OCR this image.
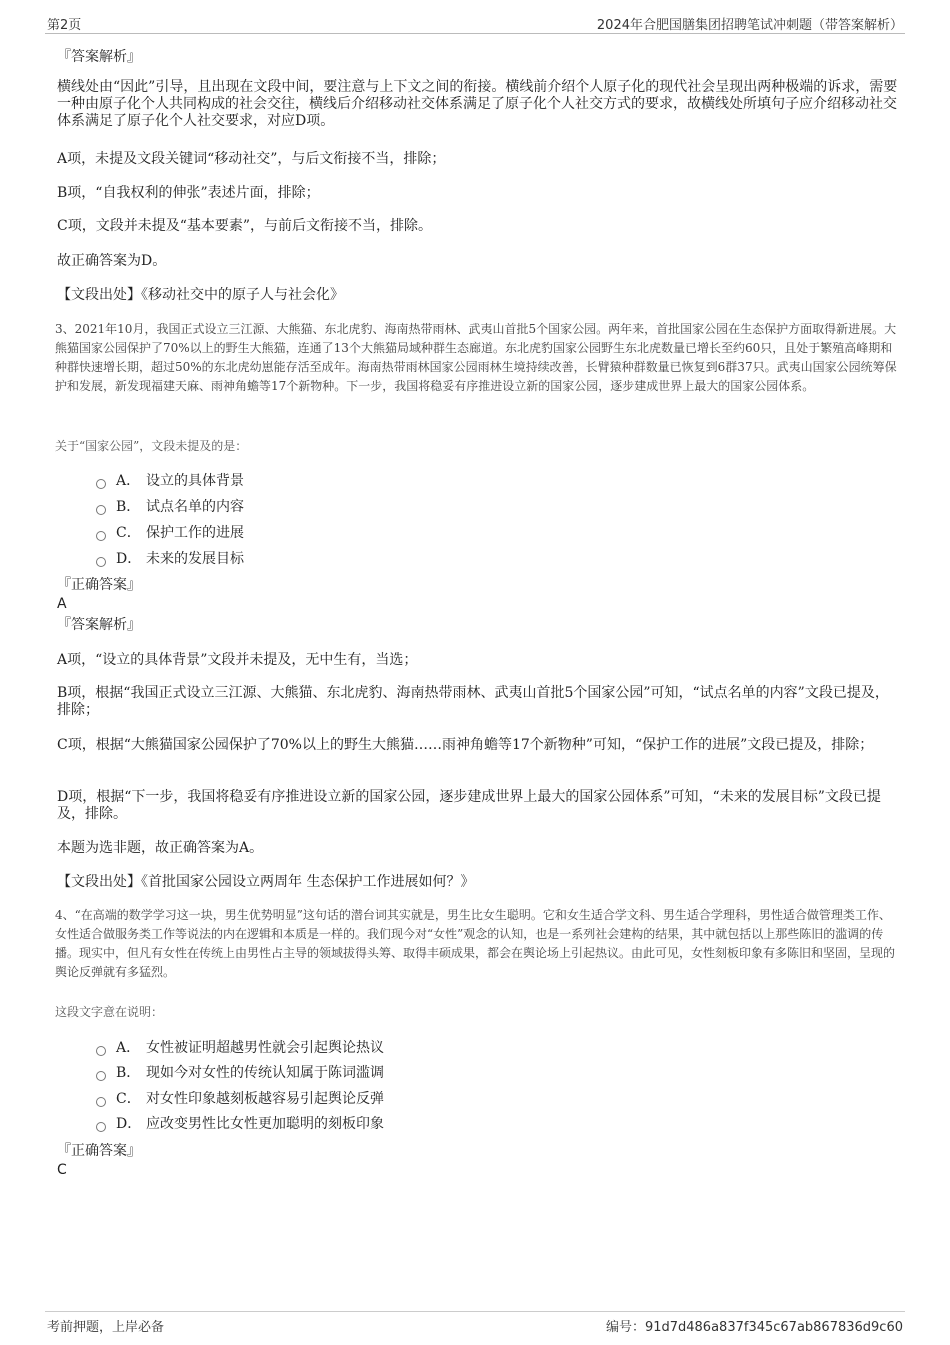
第2页	2024年合肥国膳集团招聘笔试冲刺题（带答案解析）
『答案解析』
横线处由“因此”引导，且出现在文段中间，要注意与上下文之间的衔接。横线前介绍个人原子化的现代社会呈现出两种极端的诉求，需要一种由原子化个人共同构成的社会交往，横线后介绍移动社交体系满足了原子化个人社交方式的要求，故横线处所填句子应介绍移动社交体系满足了原子化个人社交要求，对应D项。
A项，未提及文段关键词“移动社交”，与后文衔接不当，排除；
B项，“自我权利的伸张”表述片面，排除；
C项，文段并未提及“基本要素”，与前后文衔接不当，排除。
故正确答案为D。
【文段出处】《移动社交中的原子人与社会化》
3、2021年10月，我国正式设立三江源、大熊猫、东北虎豹、海南热带雨林、武夷山首批5个国家公园。两年来，首批国家公园在生态保护方面取得新进展。大熊猫国家公园保护了70%以上的野生大熊猫，连通了13个大熊猫局域种群生态廊道。东北虎豹国家公园野生东北虎数量已增长至约60只，且处于繁殖高峰期和种群快速增长期，超过50%的东北虎幼崽能存活至成年。海南热带雨林国家公园雨林生境持续改善，长臂猿种群数量已恢复到6群37只。武夷山国家公园统筹保护和发展，新发现福建天麻、雨神角蟾等17个新物种。下一步，我国将稳妥有序推进设立新的国家公园，逐步建成世界上最大的国家公园体系。
关于“国家公园”，文段未提及的是：
A． 设立的具体背景
B． 试点名单的内容
C． 保护工作的进展
D． 未来的发展目标
『正确答案』
A
『答案解析』
A项，“设立的具体背景”文段并未提及，无中生有，当选；
B项，根据“我国正式设立三江源、大熊猫、东北虎豹、海南热带雨林、武夷山首批5个国家公园”可知，“试点名单的内容”文段已提及，排除；
C项，根据“大熊猫国家公园保护了70%以上的野生大熊猫……雨神角蟾等17个新物种”可知，“保护工作的进展”文段已提及，排除；
D项，根据“下一步，我国将稳妥有序推进设立新的国家公园，逐步建成世界上最大的国家公园体系”可知，“未来的发展目标”文段已提及，排除。
本题为选非题，故正确答案为A。
【文段出处】《首批国家公园设立两周年 生态保护工作进展如何？》
4、“在高端的数学学习这一块，男生优势明显”这句话的潜台词其实就是，男生比女生聪明。它和女生适合学文科、男生适合学理科，男性适合做管理类工作、女性适合做服务类工作等说法的内在逻辑和本质是一样的。我们现今对“女性”观念的认知，也是一系列社会建构的结果，其中就包括以上那些陈旧的滥调的传播。现实中，但凡有女性在传统上由男性占主导的领域拔得头筹、取得丰硕成果，都会在舆论场上引起热议。由此可见，女性刻板印象有多陈旧和坚固，呈现的舆论反弹就有多猛烈。
这段文字意在说明：
A． 女性被证明超越男性就会引起舆论热议
B． 现如今对女性的传统认知属于陈词滥调
C． 对女性印象越刻板越容易引起舆论反弹
D． 应改变男性比女性更加聪明的刻板印象
『正确答案』
C
考前押题，上岸必备	编号：91d7d486a837f345c67ab867836d9c60
